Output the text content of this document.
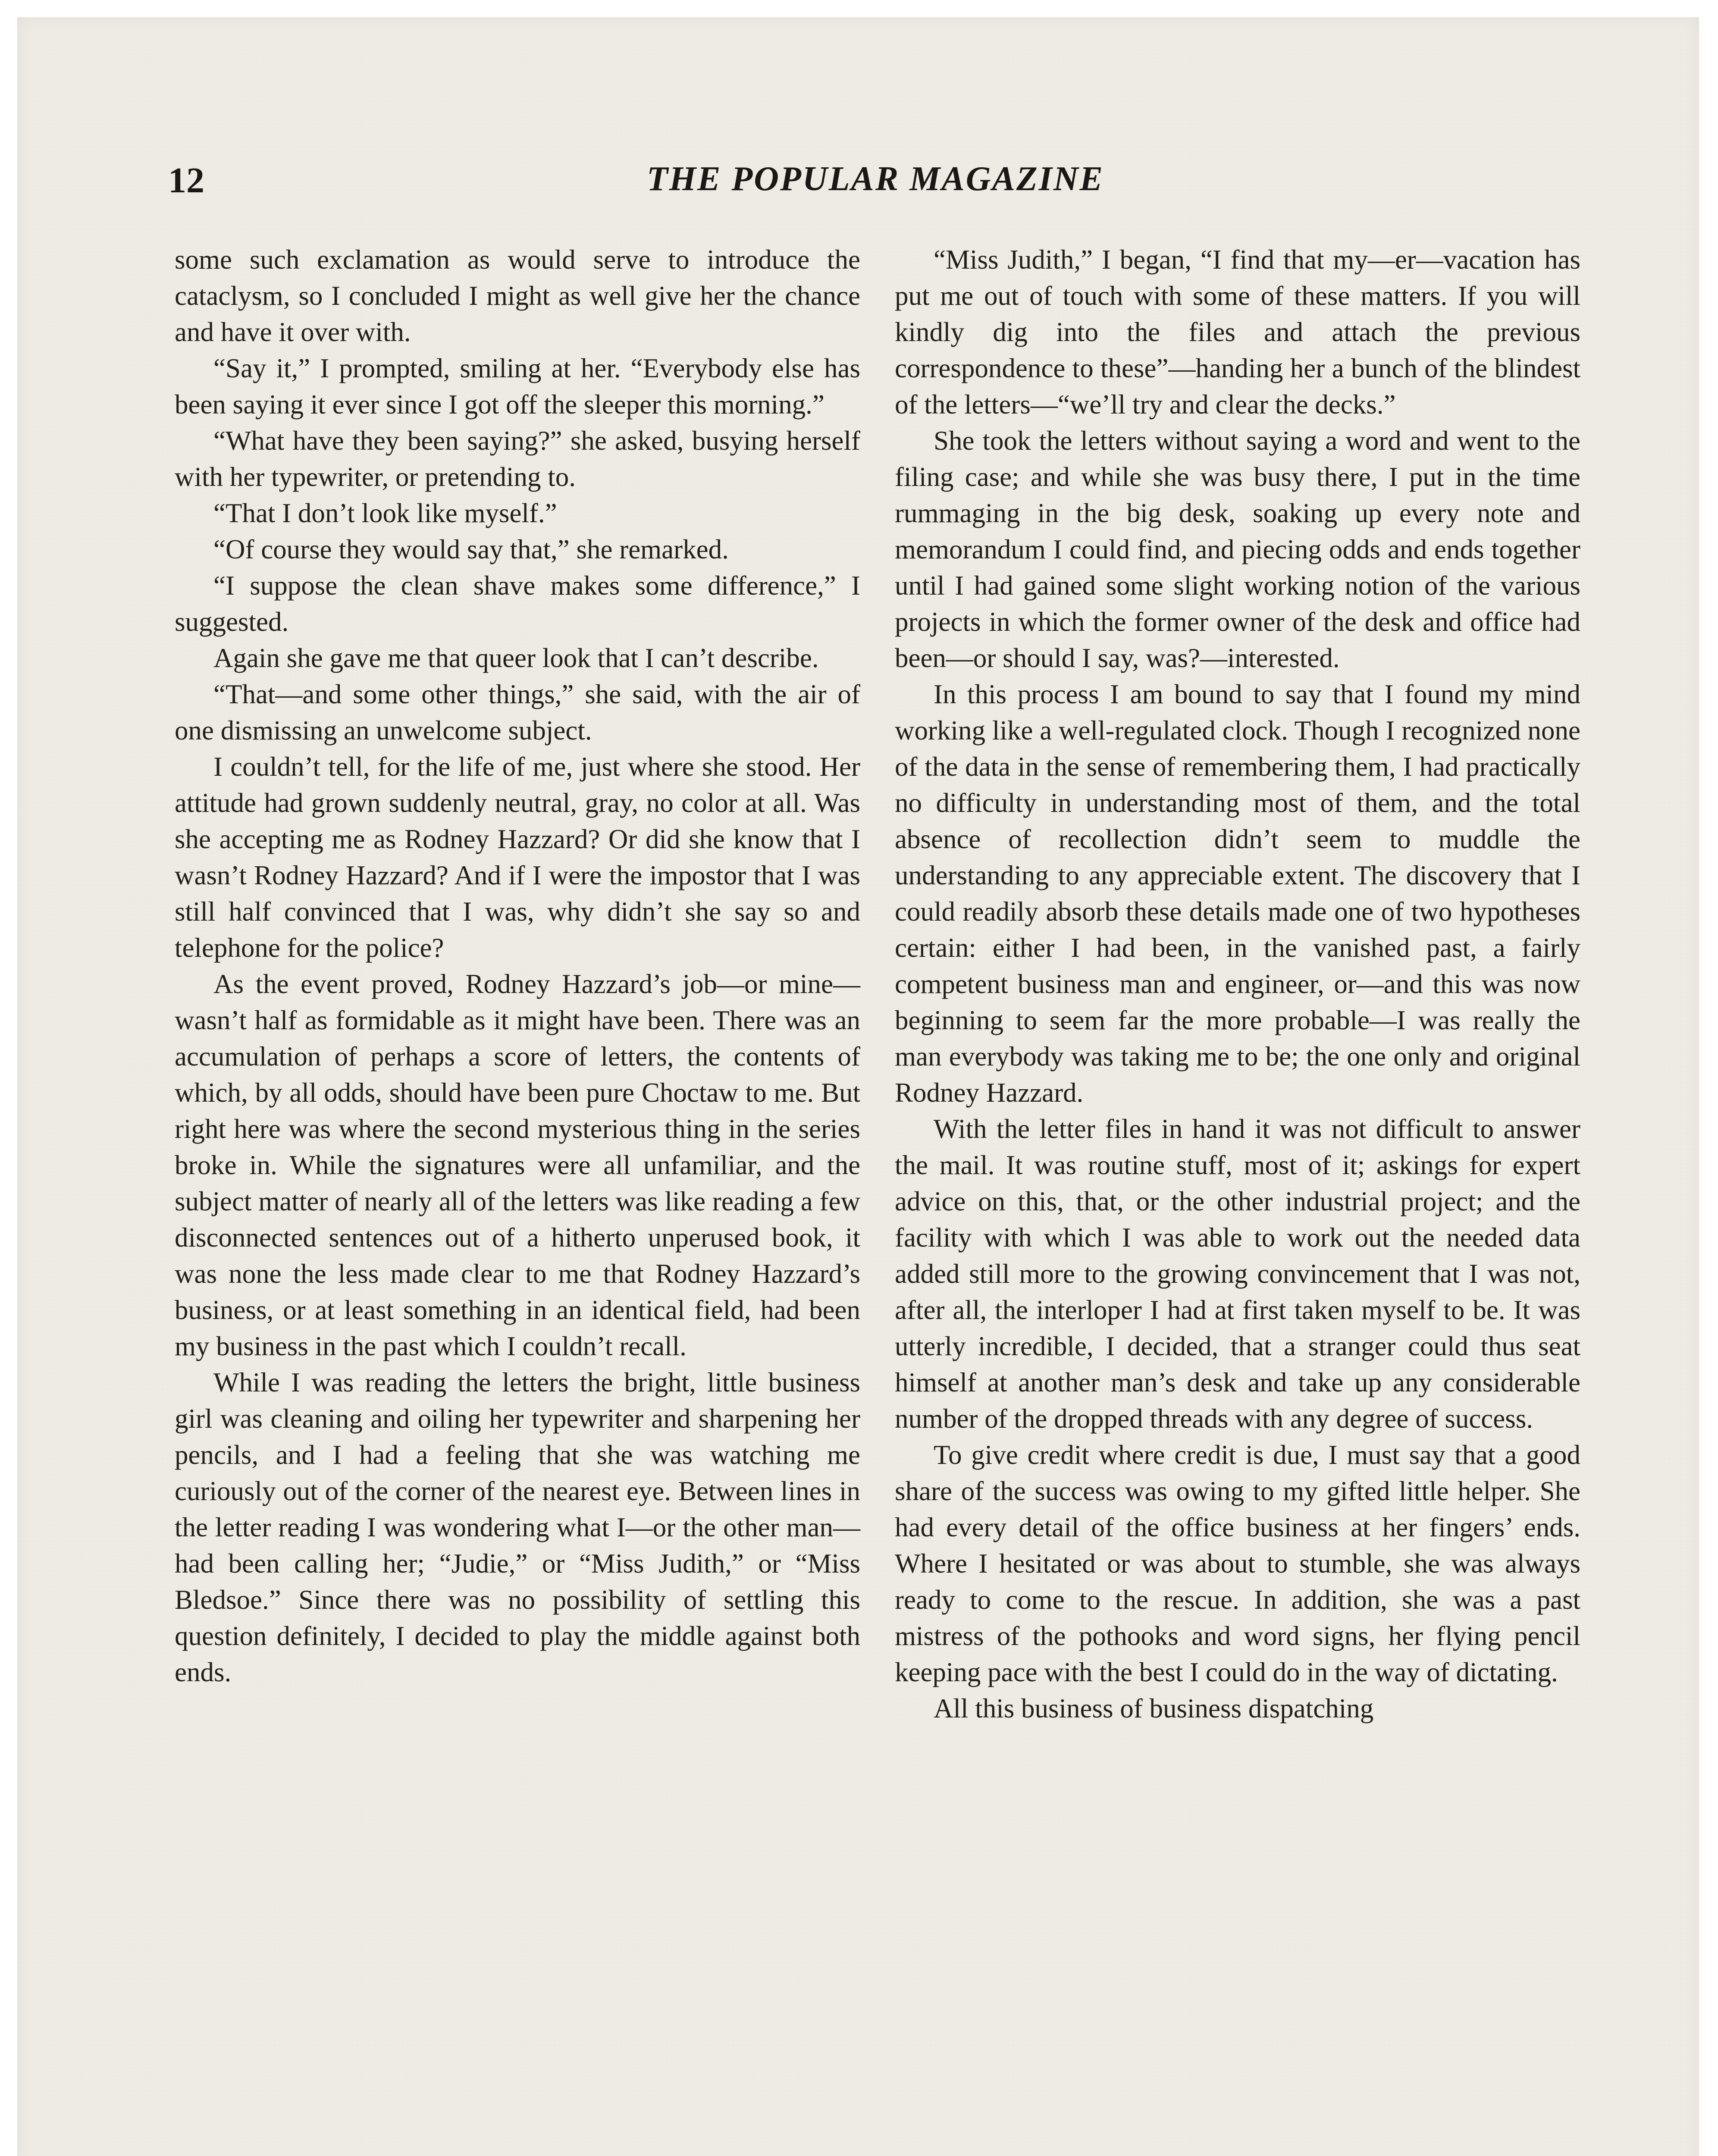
12	THE POPULAR MAGAZINE

some such exclamation as would serve to introduce the cataclysm, so I concluded I might as well give her the chance and have it over with.

“Say it,” I prompted, smiling at her. “Everybody else has been saying it ever since I got off the sleeper this morning.”

“What have they been saying?” she asked, busying herself with her typewriter, or pretending to.

“That I don’t look like myself.”

“Of course they would say that,” she remarked.

“I suppose the clean shave makes some difference,” I suggested.

Again she gave me that queer look that I can’t describe.

“That—and some other things,” she said, with the air of one dismissing an unwelcome subject.

I couldn’t tell, for the life of me, just where she stood. Her attitude had grown suddenly neutral, gray, no color at all. Was she accepting me as Rodney Hazzard? Or did she know that I wasn’t Rodney Hazzard? And if I were the impostor that I was still half convinced that I was, why didn’t she say so and telephone for the police?

As the event proved, Rodney Hazzard’s job—or mine—wasn’t half as formidable as it might have been. There was an accumulation of perhaps a score of letters, the contents of which, by all odds, should have been pure Choctaw to me. But right here was where the second mysterious thing in the series broke in. While the signatures were all unfamiliar, and the subject matter of nearly all of the letters was like reading a few disconnected sentences out of a hitherto unperused book, it was none the less made clear to me that Rodney Hazzard’s business, or at least something in an identical field, had been my business in the past which I couldn’t recall.

While I was reading the letters the bright, little business girl was cleaning and oiling her typewriter and sharpening her pencils, and I had a feeling that she was watching me curiously out of the corner of the nearest eye. Between lines in the letter reading I was wondering what I—or the other man—had been calling her; “Judie,” or “Miss Judith,” or “Miss Bledsoe.” Since there was no possibility of settling this question definitely, I decided to play the middle against both ends.

“Miss Judith,” I began, “I find that my—er—vacation has put me out of touch with some of these matters. If you will kindly dig into the files and attach the previous correspondence to these”—handing her a bunch of the blindest of the letters—“we’ll try and clear the decks.”

She took the letters without saying a word and went to the filing case; and while she was busy there, I put in the time rummaging in the big desk, soaking up every note and memorandum I could find, and piecing odds and ends together until I had gained some slight working notion of the various projects in which the former owner of the desk and office had been—or should I say, was?—interested.

In this process I am bound to say that I found my mind working like a well-regulated clock. Though I recognized none of the data in the sense of remembering them, I had practically no difficulty in understanding most of them, and the total absence of recollection didn’t seem to muddle the understanding to any appreciable extent. The discovery that I could readily absorb these details made one of two hypotheses certain: either I had been, in the vanished past, a fairly competent business man and engineer, or—and this was now beginning to seem far the more probable—I was really the man everybody was taking me to be; the one only and original Rodney Hazzard.

With the letter files in hand it was not difficult to answer the mail. It was routine stuff, most of it; askings for expert advice on this, that, or the other industrial project; and the facility with which I was able to work out the needed data added still more to the growing convincement that I was not, after all, the interloper I had at first taken myself to be. It was utterly incredible, I decided, that a stranger could thus seat himself at another man’s desk and take up any considerable number of the dropped threads with any degree of success.

To give credit where credit is due, I must say that a good share of the success was owing to my gifted little helper. She had every detail of the office business at her fingers’ ends. Where I hesitated or was about to stumble, she was always ready to come to the rescue. In addition, she was a past mistress of the pothooks and word signs, her flying pencil keeping pace with the best I could do in the way of dictating.

All this business of business dispatching
